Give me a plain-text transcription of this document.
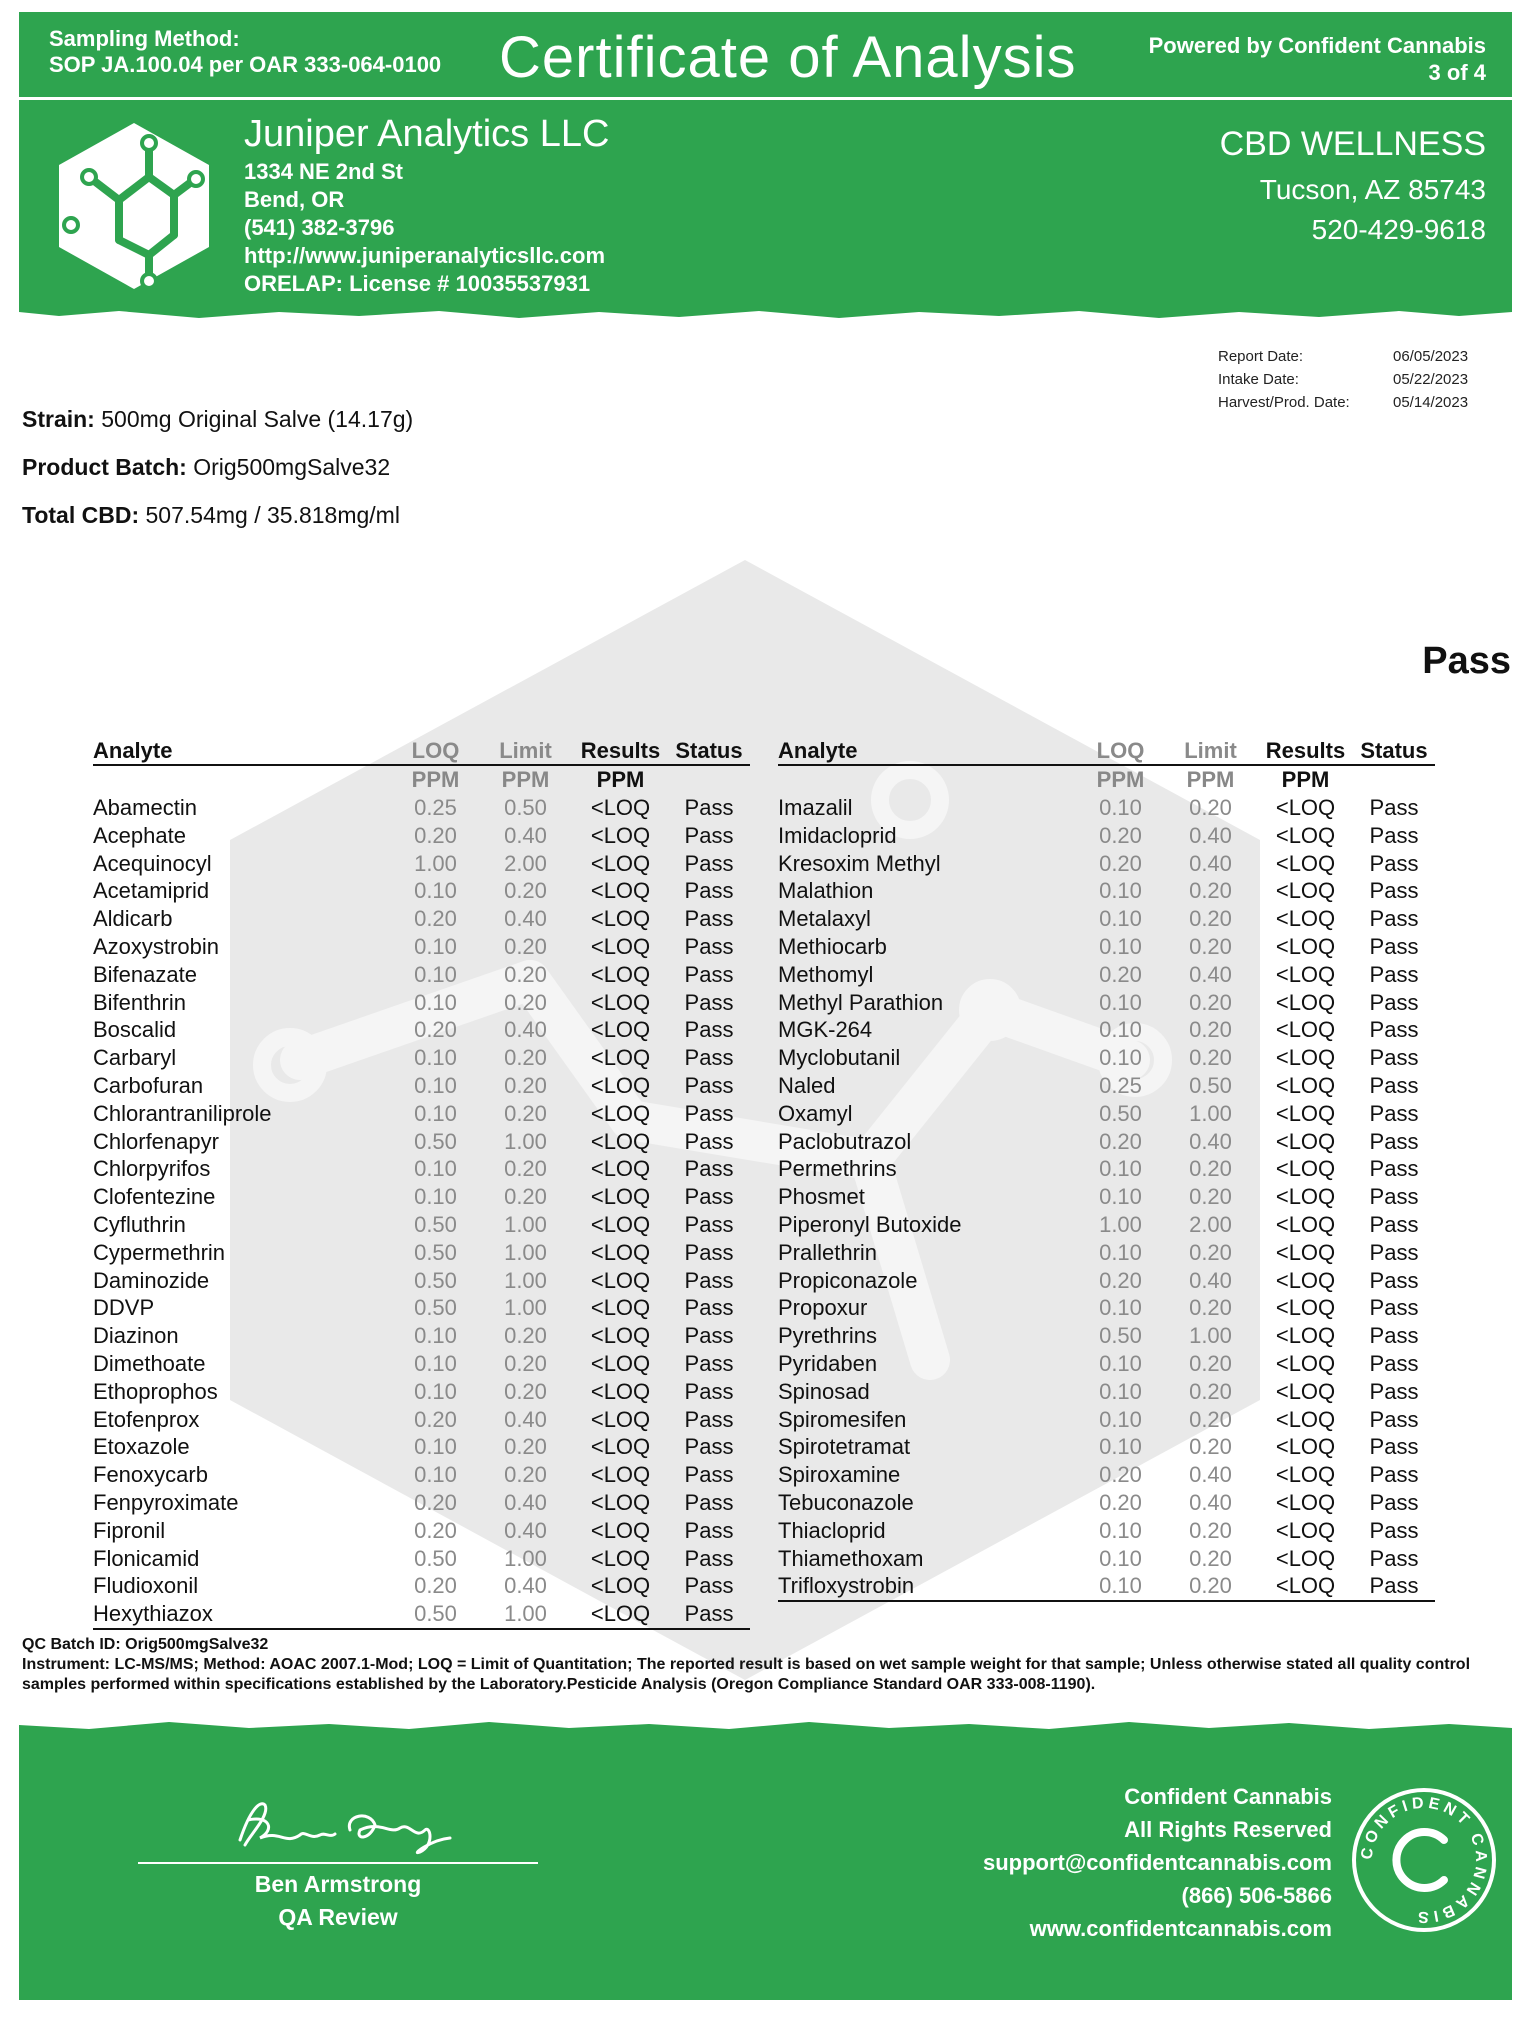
Sampling Method:
SOP JA.100.04 per OAR 333-064-0100 Certificate of Analysis	Powered by Confident Cannabis
3 of 4
Juniper Analytics LLC
1334 NE 2nd St
Bend, OR
(541) 382-3796
http://www.juniperanalyticsllc.com
ORELAP: License # 10035537931
CBD WELLNESS
Tucson, AZ 85743
520-429-9618
Report Date:	06/05/2023
Intake Date:	05/22/2023
Harvest/Prod. Date:	05/14/2023
Strain: 500mg Original Salve (14.17g)
Product Batch: Orig500mgSalve32
Total CBD: 507.54mg / 35.818mg/ml
Pass
Analyte	LOQ	Limit	Results	Status
	PPM	PPM	PPM	
Abamectin	0.25	0.50	<LOQ	Pass
Acephate	0.20	0.40	<LOQ	Pass
Acequinocyl	1.00	2.00	<LOQ	Pass
Acetamiprid	0.10	0.20	<LOQ	Pass
Aldicarb	0.20	0.40	<LOQ	Pass
Azoxystrobin	0.10	0.20	<LOQ	Pass
Bifenazate	0.10	0.20	<LOQ	Pass
Bifenthrin	0.10	0.20	<LOQ	Pass
Boscalid	0.20	0.40	<LOQ	Pass
Carbaryl	0.10	0.20	<LOQ	Pass
Carbofuran	0.10	0.20	<LOQ	Pass
Chlorantraniliprole	0.10	0.20	<LOQ	Pass
Chlorfenapyr	0.50	1.00	<LOQ	Pass
Chlorpyrifos	0.10	0.20	<LOQ	Pass
Clofentezine	0.10	0.20	<LOQ	Pass
Cyfluthrin	0.50	1.00	<LOQ	Pass
Cypermethrin	0.50	1.00	<LOQ	Pass
Daminozide	0.50	1.00	<LOQ	Pass
DDVP	0.50	1.00	<LOQ	Pass
Diazinon	0.10	0.20	<LOQ	Pass
Dimethoate	0.10	0.20	<LOQ	Pass
Ethoprophos	0.10	0.20	<LOQ	Pass
Etofenprox	0.20	0.40	<LOQ	Pass
Etoxazole	0.10	0.20	<LOQ	Pass
Fenoxycarb	0.10	0.20	<LOQ	Pass
Fenpyroximate	0.20	0.40	<LOQ	Pass
Fipronil	0.20	0.40	<LOQ	Pass
Flonicamid	0.50	1.00	<LOQ	Pass
Fludioxonil	0.20	0.40	<LOQ	Pass
Hexythiazox	0.50	1.00	<LOQ	Pass
Analyte	LOQ	Limit	Results	Status
	PPM	PPM	PPM	
Imazalil	0.10	0.20	<LOQ	Pass
Imidacloprid	0.20	0.40	<LOQ	Pass
Kresoxim Methyl	0.20	0.40	<LOQ	Pass
Malathion	0.10	0.20	<LOQ	Pass
Metalaxyl	0.10	0.20	<LOQ	Pass
Methiocarb	0.10	0.20	<LOQ	Pass
Methomyl	0.20	0.40	<LOQ	Pass
Methyl Parathion	0.10	0.20	<LOQ	Pass
MGK-264	0.10	0.20	<LOQ	Pass
Myclobutanil	0.10	0.20	<LOQ	Pass
Naled	0.25	0.50	<LOQ	Pass
Oxamyl	0.50	1.00	<LOQ	Pass
Paclobutrazol	0.20	0.40	<LOQ	Pass
Permethrins	0.10	0.20	<LOQ	Pass
Phosmet	0.10	0.20	<LOQ	Pass
Piperonyl Butoxide	1.00	2.00	<LOQ	Pass
Prallethrin	0.10	0.20	<LOQ	Pass
Propiconazole	0.20	0.40	<LOQ	Pass
Propoxur	0.10	0.20	<LOQ	Pass
Pyrethrins	0.50	1.00	<LOQ	Pass
Pyridaben	0.10	0.20	<LOQ	Pass
Spinosad	0.10	0.20	<LOQ	Pass
Spiromesifen	0.10	0.20	<LOQ	Pass
Spirotetramat	0.10	0.20	<LOQ	Pass
Spiroxamine	0.20	0.40	<LOQ	Pass
Tebuconazole	0.20	0.40	<LOQ	Pass
Thiacloprid	0.10	0.20	<LOQ	Pass
Thiamethoxam	0.10	0.20	<LOQ	Pass
Trifloxystrobin	0.10	0.20	<LOQ	Pass
QC Batch ID: Orig500mgSalve32
Instrument: LC-MS/MS; Method: AOAC 2007.1-Mod; LOQ = Limit of Quantitation; The reported result is based on wet sample weight for that sample; Unless otherwise stated all quality control samples performed within specifications established by the Laboratory.Pesticide Analysis (Oregon Compliance Standard OAR 333-008-1190).
Ben Armstrong
QA Review
Confident Cannabis
All Rights Reserved
support@confidentcannabis.com
(866) 506-5866
www.confidentcannabis.com
CONFIDENT CANNABIS
